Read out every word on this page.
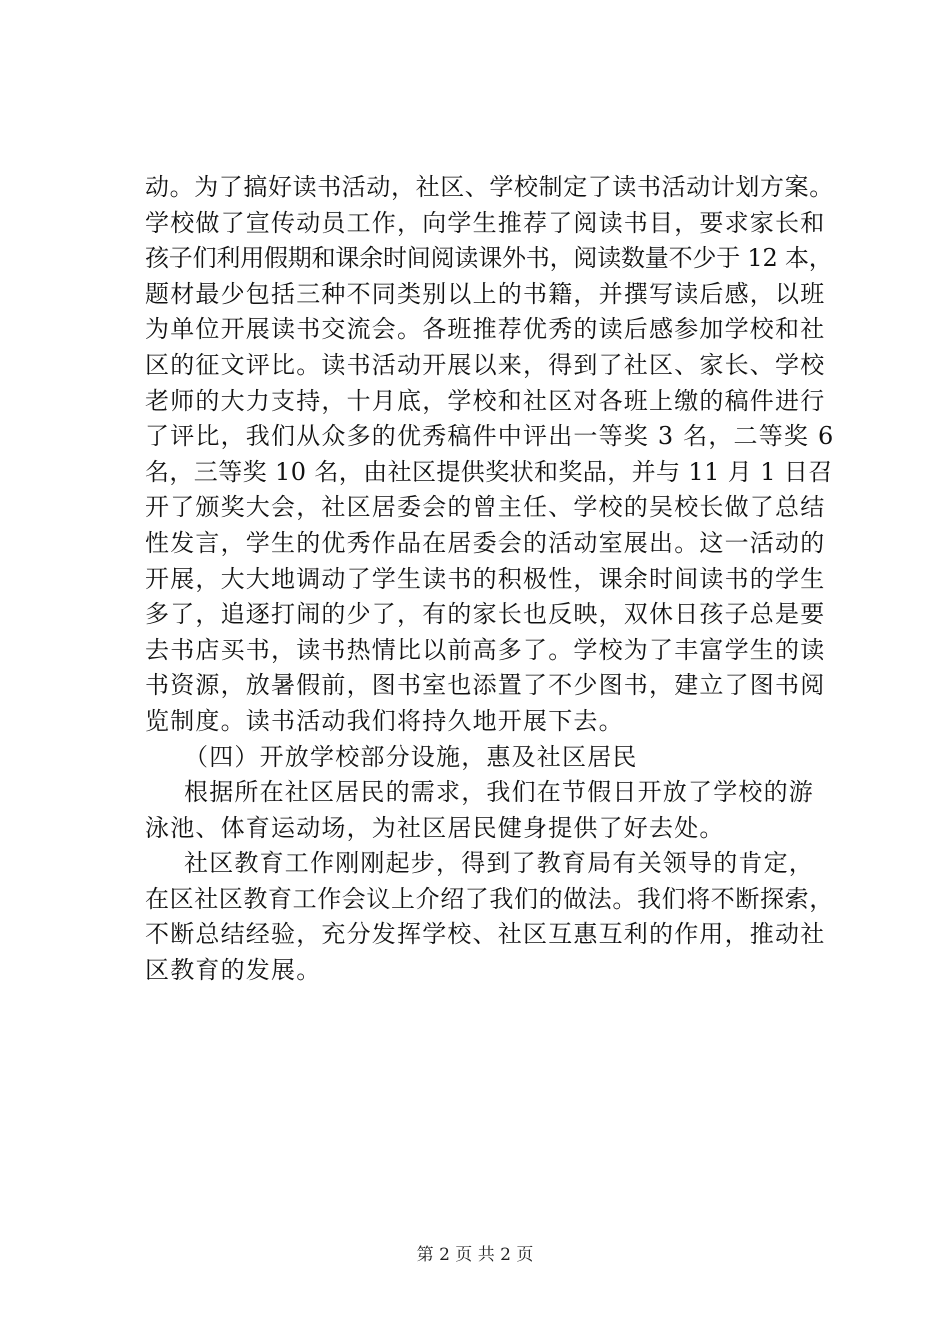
动。为了搞好读书活动，社区、学校制定了读书活动计划方案。
学校做了宣传动员工作，向学生推荐了阅读书目，要求家长和
孩子们利用假期和课余时间阅读课外书，阅读数量不少于 12 本，
题材最少包括三种不同类别以上的书籍，并撰写读后感，以班
为单位开展读书交流会。各班推荐优秀的读后感参加学校和社
区的征文评比。读书活动开展以来，得到了社区、家长、学校
老师的大力支持，十月底，学校和社区对各班上缴的稿件进行
了评比，我们从众多的优秀稿件中评出一等奖 3 名，二等奖 6
名，三等奖 10 名，由社区提供奖状和奖品，并与 11 月 1 日召
开了颁奖大会，社区居委会的曾主任、学校的吴校长做了总结
性发言，学生的优秀作品在居委会的活动室展出。这一活动的
开展，大大地调动了学生读书的积极性，课余时间读书的学生
多了，追逐打闹的少了，有的家长也反映，双休日孩子总是要
去书店买书，读书热情比以前高多了。学校为了丰富学生的读
书资源，放暑假前，图书室也添置了不少图书，建立了图书阅
览制度。读书活动我们将持久地开展下去。
（四）开放学校部分设施，惠及社区居民
根据所在社区居民的需求，我们在节假日开放了学校的游
泳池、体育运动场，为社区居民健身提供了好去处。
社区教育工作刚刚起步，得到了教育局有关领导的肯定，
在区社区教育工作会议上介绍了我们的做法。我们将不断探索，
不断总结经验，充分发挥学校、社区互惠互利的作用，推动社
区教育的发展。
第 2 页 共 2 页
